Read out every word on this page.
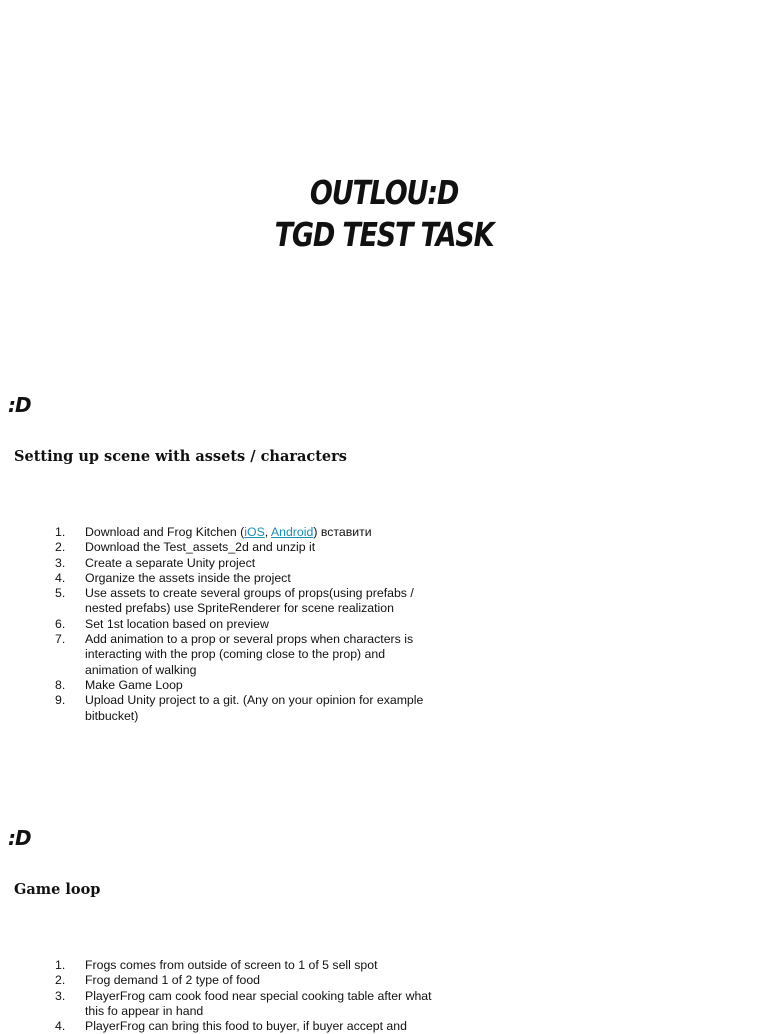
OUTLOU:D
TGD TEST TASK
:D
Setting up scene with assets / characters
1. Download and Frog Kitchen (iOS, Android) вставити
2. Download the Test_assets_2d and unzip it
3. Create a separate Unity project
4. Organize the assets inside the project
5. Use assets to create several groups of props(using prefabs / nested prefabs) use SpriteRenderer for scene realization
6. Set 1st location based on preview
7. Add animation to a prop or several props when characters is interacting with the prop (coming close to the prop) and animation of walking
8. Make Game Loop
9. Upload Unity project to a git. (Any on your opinion for example bitbucket)
:D
Game loop
1. Frogs comes from outside of screen to 1 of 5 sell spot
2. Frog demand 1 of 2 type of food
3. PlayerFrog cam cook food near special cooking table after what this fo appear in hand
4. PlayerFrog can bring this food to buyer, if buyer accept and
